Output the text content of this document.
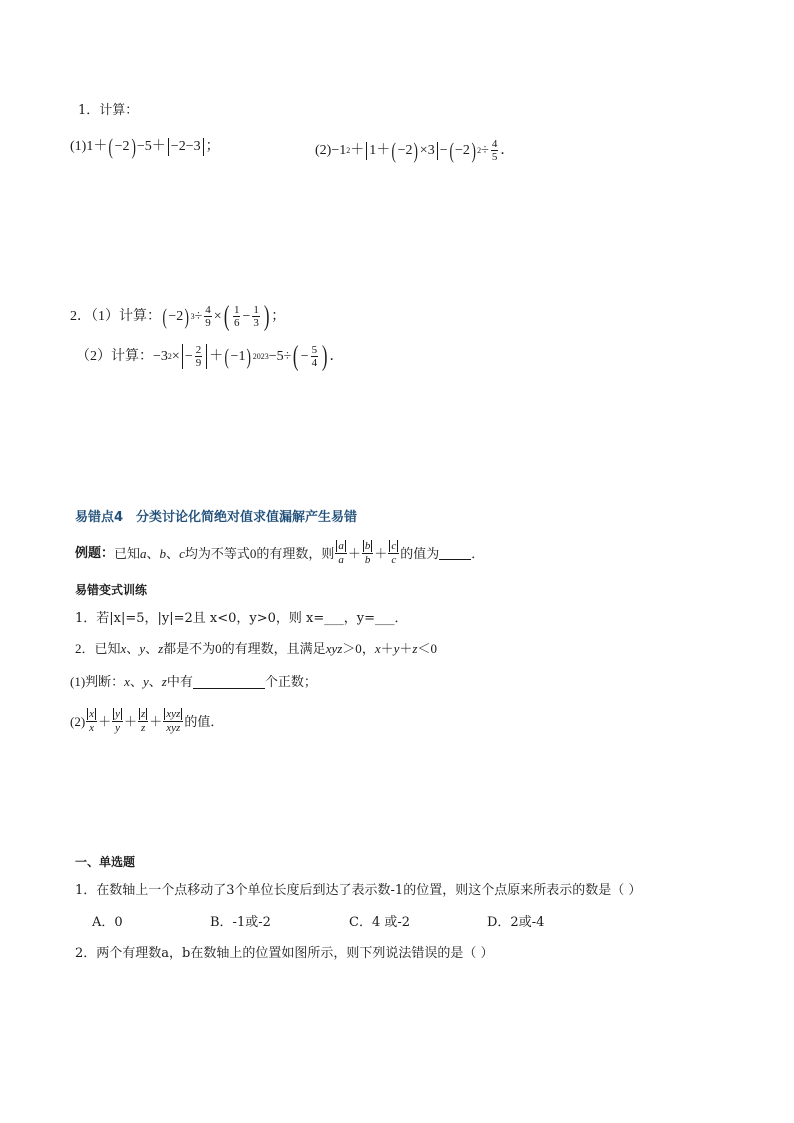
1．计算：
(1) 1＋ ( −2 ) −5＋ −2−3 ；	(2) −1 2 ＋ 1＋ ( −2 ) ×3 − ( −2 ) $2 \div \frac{4}{5}$ ．
2．（1）计算： ( −2 ) $3 \div \frac{4}{9}$ × ( $\frac{1}{6} - \frac{1}{3}$ ) ；
（2）计算： −3 2 × − $\frac{2}{9}$ ＋ ( −1 ) 2023 −5÷ ( − $\frac{5}{4}$ ) ．
易错点4　分类讨论化简绝对值求值漏解产生易错
例题： 已知 a 、 b 、 c 均为不等式0的有理数，则 $\frac{a}{a} + \frac{b}{b} + \frac{c}{c}$ 的值为 ．
易错变式训练
1．若|x|=5，|y|=2且 x<0，y>0，则 x=___，y=___．
2．已知 x 、 y 、 z 都是不为0的有理数，且满足 xyz ＞0 ， x ＋ y ＋ z ＜0
(1)判断： x 、 y 、 z 中有	个正数；
$(2) \frac{x}{x} + \frac{y}{y} + \frac{z}{z} + \frac{\text{xyz}}{\text{xyz}}$ 的值．
一、单选题
1．在数轴上一个点移动了3个单位长度后到达了表示数-1的位置，则这个点原来所表示的数是（ ）
A．0	B．-1或-2	C．4 或-2	D．2或-4
2．两个有理数a，b在数轴上的位置如图所示，则下列说法错误的是（ ）
